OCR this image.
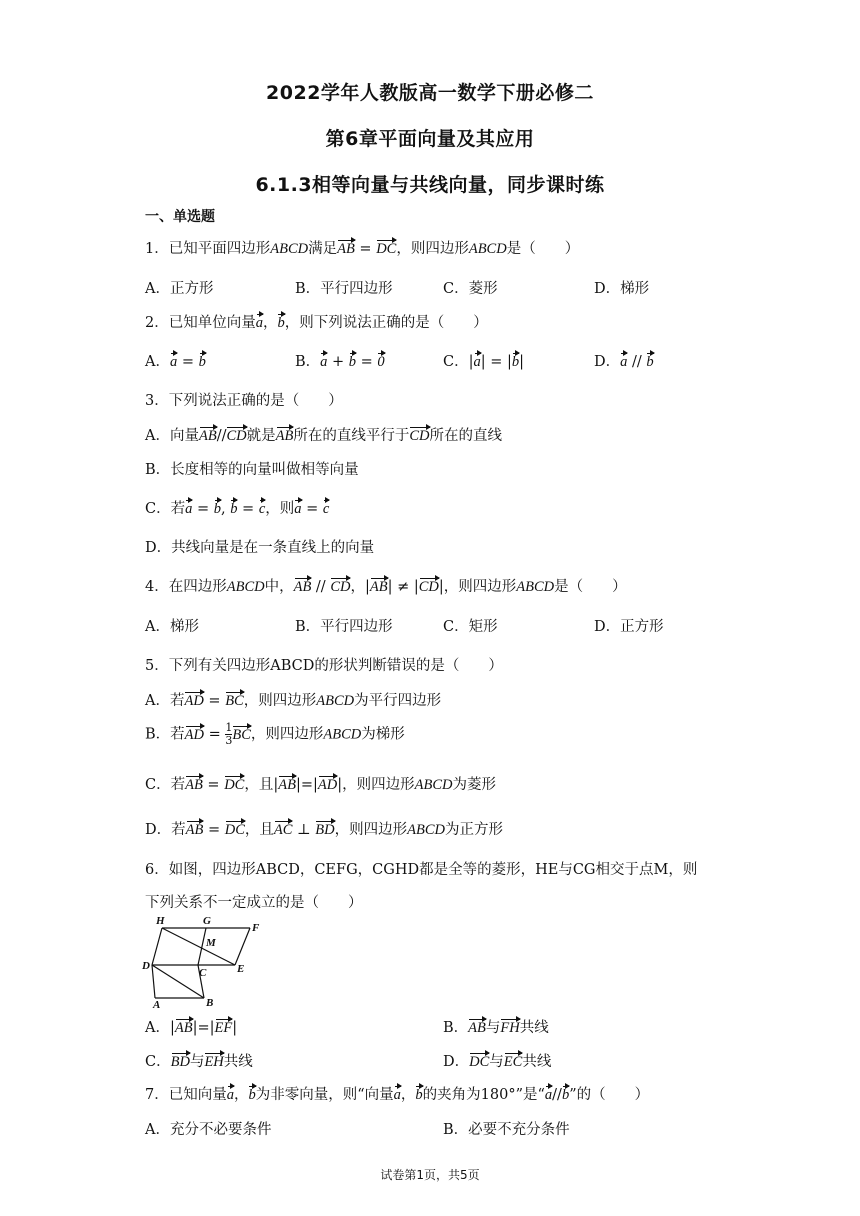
2022学年人教版高一数学下册必修二
第6章平面向量及其应用
6.1.3相等向量与共线向量，同步课时练
一、单选题
1．已知平面四边形ABCD满足AB = DC，则四边形ABCD是（　　）
A．正方形	B．平行四边形	C．菱形	D．梯形
2．已知单位向量a，b，则下列说法正确的是（　　）
A．a = b	B．a + b = 0	C．|a| = |b|	D．a // b
3．下列说法正确的是（　　）
A．向量AB//CD就是AB所在的直线平行于CD所在的直线
B．长度相等的向量叫做相等向量
C．若a = b, b = c，则a = c
D．共线向量是在一条直线上的向量
4．在四边形ABCD中，AB // CD，|AB| ≠ |CD|，则四边形ABCD是（　　）
A．梯形	B．平行四边形	C．矩形	D．正方形
5．下列有关四边形ABCD的形状判断错误的是（　　）
A．若AD = BC，则四边形ABCD为平行四边形
B．若AD = $\frac{1}{3}$ BC，则四边形ABCD为梯形
C．若AB = DC，且|AB|=|AD|，则四边形ABCD为菱形
D．若AB = DC，且AC ⊥ BD，则四边形ABCD为正方形
6．如图，四边形ABCD，CEFG，CGHD都是全等的菱形，HE与CG相交于点M，则
下列关系不一定成立的是（　　）
H	G
F
M
D
C	E
A	B
A．|AB|=|EF|	B．AB与FH共线
C．BD与EH共线	D．DC与EC共线
7．已知向量a，b为非零向量，则“向量a，b的夹角为180°”是“a//b”的（　　）
A．充分不必要条件	B．必要不充分条件
试卷第1页，共5页
